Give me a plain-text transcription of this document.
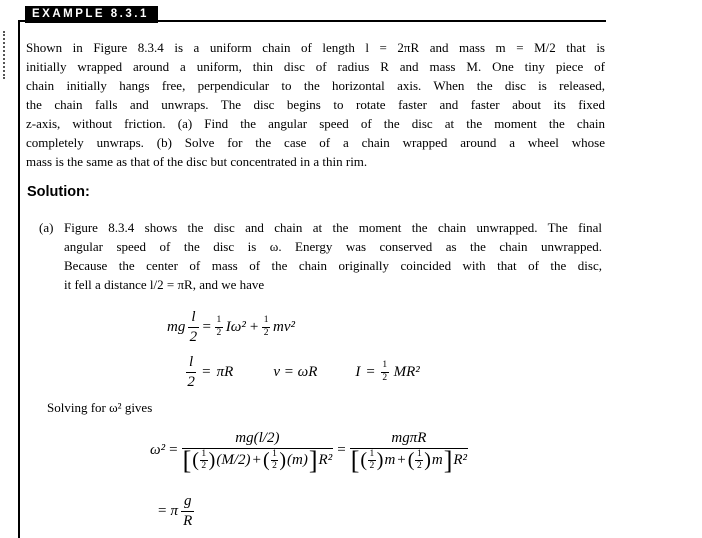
EXAMPLE 8.3.1
Shown in Figure 8.3.4 is a uniform chain of length l = 2πR and mass m = M/2 that is
initially wrapped around a uniform, thin disc of radius R and mass M. One tiny piece of
chain initially hangs free, perpendicular to the horizontal axis. When the disc is released,
the chain falls and unwraps. The disc begins to rotate faster and faster about its fixed
z-axis, without friction. (a) Find the angular speed of the disc at the moment the chain
completely unwraps. (b) Solve for the case of a chain wrapped around a wheel whose
mass is the same as that of the disc but concentrated in a thin rim.
Solution:
(a) Figure 8.3.4 shows the disc and chain at the moment the chain unwrapped. The final
angular speed of the disc is ω. Energy was conserved as the chain unwrapped.
Because the center of mass of the chain originally coincided with that of the disc,
it fell a distance l/2 = πR, and we have
mg $\frac{l}{2} = \frac{1}{2} I\omega^2 + \frac{1}{2} mv^2$
$\frac{l}{2} = \pi R$	v = ωR	$I = \frac{1}{2} MR^2$
Solving for ω² gives
ω² =
mg(l/2)
[ ( $\frac{1}{2}$ ) (M/2) + ( $\frac{1}{2}$ ) (m) ] R²
=
mgπR
[ ( $\frac{1}{2}$ ) m + ( $\frac{1}{2}$ ) m ] R²
= π $\frac{g}{R}$
